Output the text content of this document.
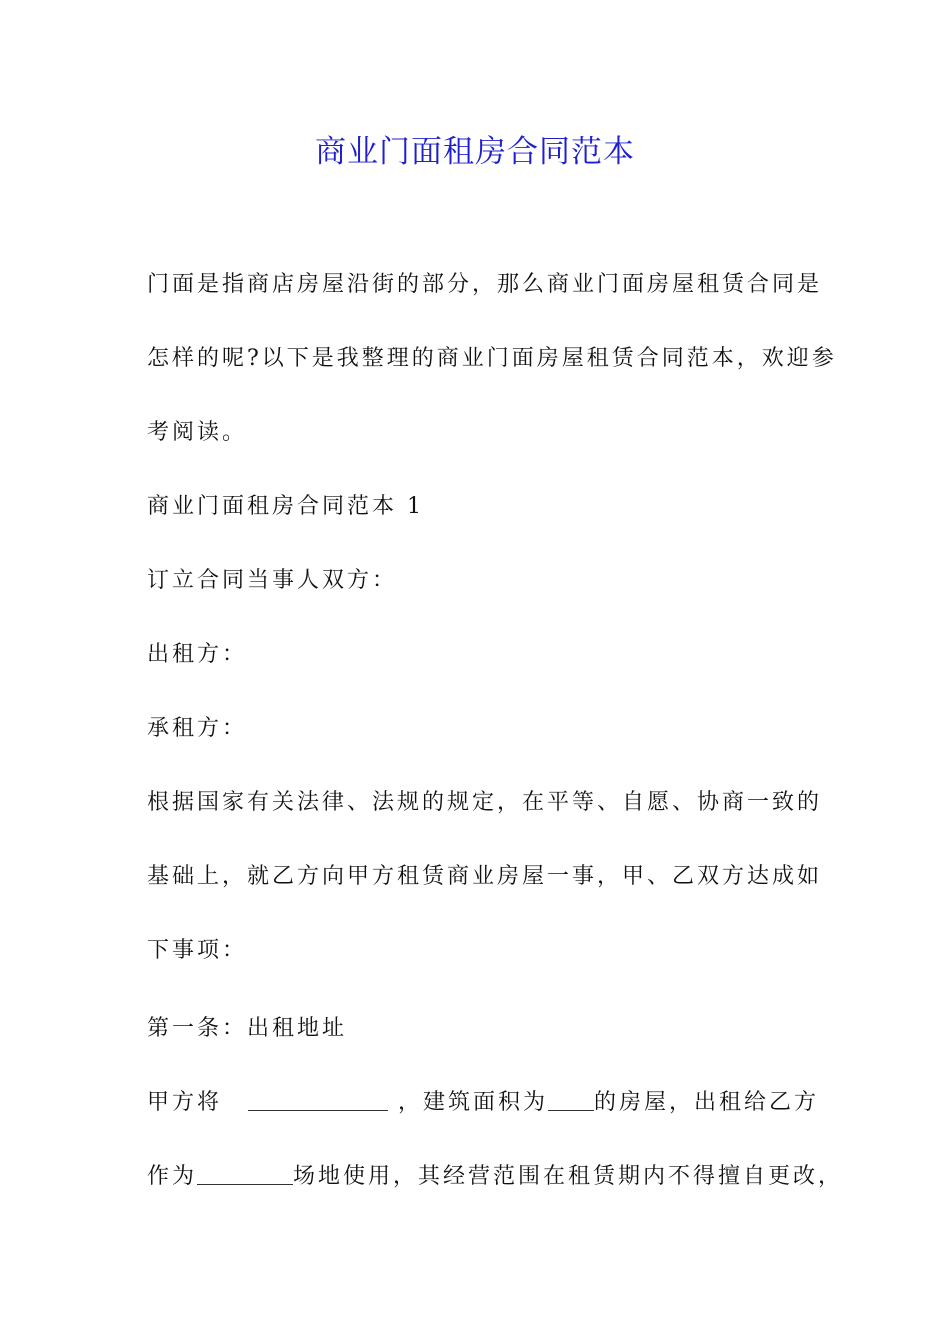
商业门面租房合同范本
门面是指商店房屋沿街的部分，那么商业门面房屋租赁合同是
怎样的呢?以下是我整理的商业门面房屋租赁合同范本，欢迎参
考阅读。
商业门面租房合同范本 1
订立合同当事人双方：
出租方：
承租方：
根据国家有关法律、法规的规定，在平等、自愿、协商一致的
基础上，就乙方向甲方租赁商业房屋一事，甲、乙双方达成如
下事项：
第一条：出租地址
甲方将	，建筑面积为 的房屋，出租给乙方
作为	场地使用，其经营范围在租赁期内不得擅自更改，
